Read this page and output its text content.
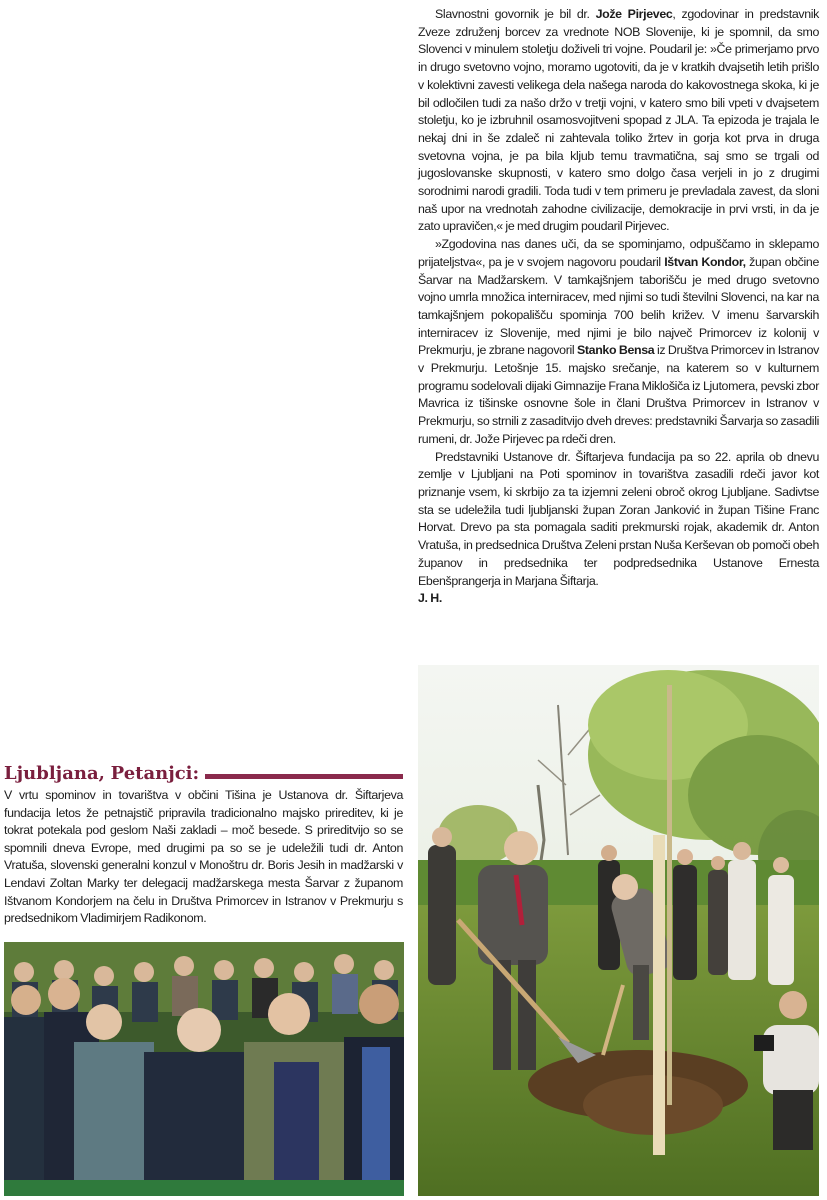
Slavnostni govornik je bil dr. Jože Pirjevec, zgodovinar in predstavnik Zveze združenj borcev za vrednote NOB Slovenije, ki je spomnil, da smo Slovenci v minulem stoletju doživeli tri vojne. Poudaril je: »Če primerjamo prvo in drugo svetovno vojno, moramo ugotoviti, da je v kratkih dvajsetih letih prišlo v kolektivni zavesti velikega dela našega naroda do kakovostnega skoka, ki je bil odločilen tudi za našo držo v tretji vojni, v katero smo bili vpeti v dvajsetem stoletju, ko je izbruhnil osamosvojitveni spopad z JLA. Ta epizoda je trajala le nekaj dni in še zdaleč ni zahtevala toliko žrtev in gorja kot prva in druga svetovna vojna, je pa bila kljub temu travmatična, saj smo se trgali od jugoslovanske skupnosti, v katero smo dolgo časa verjeli in jo z drugimi sorodnimi narodi gradili. Toda tudi v tem primeru je prevladala zavest, da sloni naš upor na vrednotah zahodne civilizacije, demokracije in prvi vrsti, in da je zato upravičen,« je med drugim poudaril Pirjevec.

»Zgodovina nas danes uči, da se spominjamo, odpuščamo in sklepamo prijateljstva«, pa je v svojem nagovoru poudaril Ištvan Kondor, župan občine Šarvar na Madžarskem. V tamkajšnjem taborišču je med drugo svetovno vojno umrla množica interniracev, med njimi so tudi številni Slovenci, na kar na tamkajšnjem pokopališču spominja 700 belih križev. V imenu šarvarskih interniracev iz Slovenije, med njimi je bilo največ Primorcev iz kolonij v Prekmurju, je zbrane nagovoril Stanko Bensa iz Društva Primorcev in Istranov v Prekmurju. Letošnje 15. majsko srečanje, na katerem so v kulturnem programu sodelovali dijaki Gimnazije Frana Miklošiča iz Ljutomera, pevski zbor Mavrica iz tišinske osnovne šole in člani Društva Primorcev in Istranov v Prekmurju, so strnili z zasaditvijo dveh dreves: predstavniki Šarvarja so zasadili rumeni, dr. Jože Pirjevec pa rdeči dren.

Predstavniki Ustanove dr. Šiftarjeva fundacija pa so 22. aprila ob dnevu zemlje v Ljubljani na Poti spominov in tovarištva zasadili rdeči javor kot priznanje vsem, ki skrbijo za ta izjemni zeleni obroč okrog Ljubljane. Sadivtse sta se udeležila tudi ljubljanski župan Zoran Janković in župan Tišine Franc Horvat. Drevo pa sta pomagala saditi prekmurski rojak, akademik dr. Anton Vratuša, in predsednica Društva Zeleni prstan Nuša Kerševan ob pomoči obeh županov in predsednika ter podpredsednika Ustanove Ernesta Ebenšprangerja in Marjana Šiftarja.

J. H.

Ljubljana, Petanjci:

V vrtu spominov in tovarištva v občini Tišina je Ustanova dr. Šiftarjeva fundacija letos že petnajstič pripravila tradicionalno majsko prireditev, ki je tokrat potekala pod geslom Naši zakladi – moč besede. S prireditvijo so se spomnili dneva Evrope, med drugimi pa so se je udeležili tudi dr. Anton Vratuša, slovenski generalni konzul v Monoštru dr. Boris Jesih in madžarski v Lendavi Zoltan Marky ter delegacij madžarskega mesta Šarvar z županom Ištvanom Kondorjem na čelu in Društva Primorcev in Istranov v Prekmurju s predsednikom Vladimirjem Radikonom.
